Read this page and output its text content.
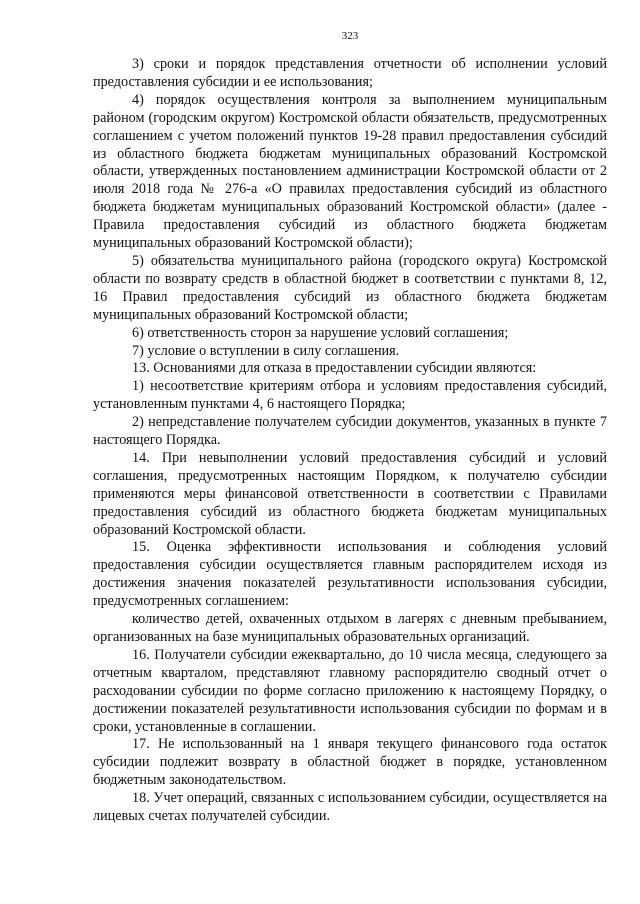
323

3) сроки и порядок представления отчетности об исполнении условий предоставления субсидии и ее использования;

4) порядок осуществления контроля за выполнением муниципальным районом (городским округом) Костромской области обязательств, предусмотренных соглашением с учетом положений пунктов 19-28 правил предоставления субсидий из областного бюджета бюджетам муниципальных образований Костромской области, утвержденных постановлением администрации Костромской области от 2 июля 2018 года № 276-а «О правилах предоставления субсидий из областного бюджета бюджетам муниципальных образований Костромской области» (далее - Правила предоставления субсидий из областного бюджета бюджетам муниципальных образований Костромской области);

5) обязательства муниципального района (городского округа) Костромской области по возврату средств в областной бюджет в соответствии с пунктами 8, 12, 16 Правил предоставления субсидий из областного бюджета бюджетам муниципальных образований Костромской области;

6) ответственность сторон за нарушение условий соглашения;

7) условие о вступлении в силу соглашения.

13. Основаниями для отказа в предоставлении субсидии являются:

1) несоответствие критериям отбора и условиям предоставления субсидий, установленным пунктами 4, 6 настоящего Порядка;

2) непредставление получателем субсидии документов, указанных в пункте 7 настоящего Порядка.

14. При невыполнении условий предоставления субсидий и условий соглашения, предусмотренных настоящим Порядком, к получателю субсидии применяются меры финансовой ответственности в соответствии с Правилами предоставления субсидий из областного бюджета бюджетам муниципальных образований Костромской области.

15. Оценка эффективности использования и соблюдения условий предоставления субсидии осуществляется главным распорядителем исходя из достижения значения показателей результативности использования субсидии, предусмотренных соглашением:

количество детей, охваченных отдыхом в лагерях с дневным пребыванием, организованных на базе муниципальных образовательных организаций.

16. Получатели субсидии ежеквартально, до 10 числа месяца, следующего за отчетным кварталом, представляют главному распорядителю сводный отчет о расходовании субсидии по форме согласно приложению к настоящему Порядку, о достижении показателей результативности использования субсидии по формам и в сроки, установленные в соглашении.

17. Не использованный на 1 января текущего финансового года остаток субсидии подлежит возврату в областной бюджет в порядке, установленном бюджетным законодательством.

18. Учет операций, связанных с использованием субсидии, осуществляется на лицевых счетах получателей субсидии.
